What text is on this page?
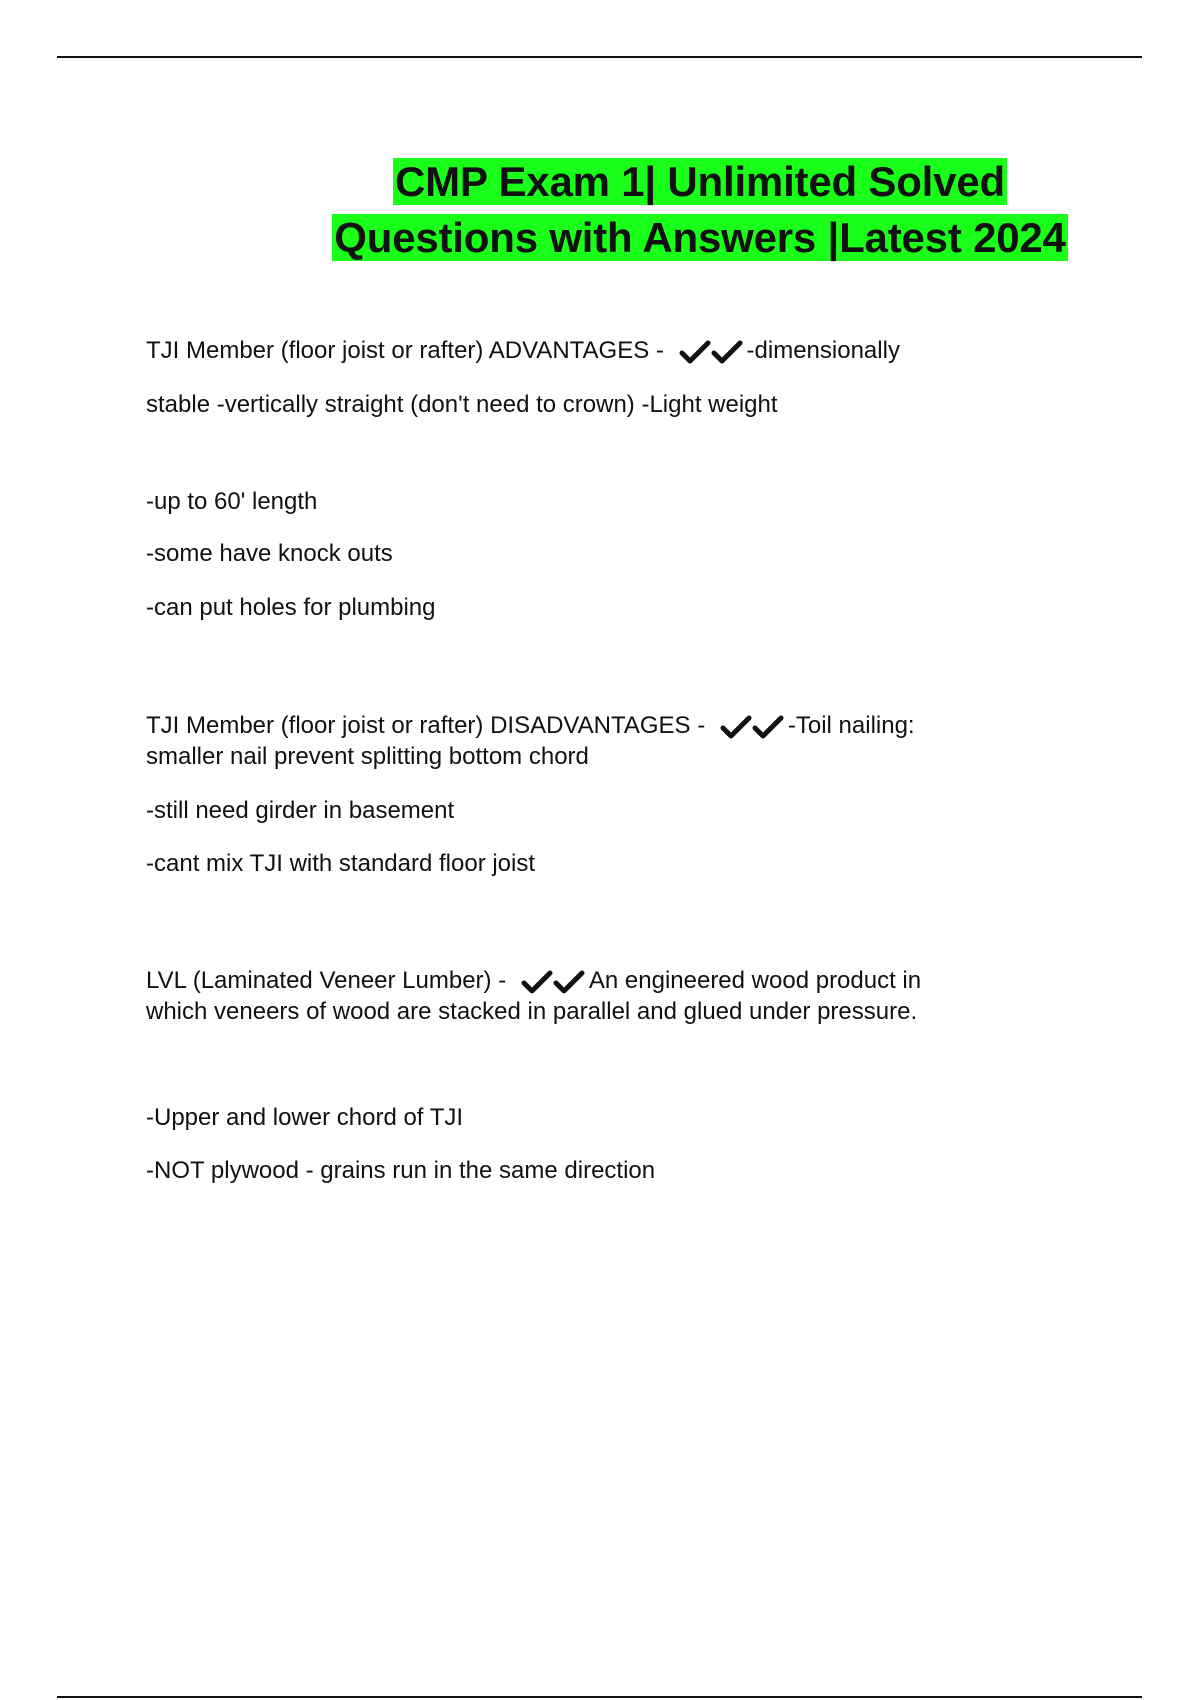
CMP Exam 1| Unlimited Solved
Questions with Answers |Latest 2024
TJI Member (floor joist or rafter) ADVANTAGES -	-dimensionally
stable -vertically straight (don't need to crown) -Light weight
-up to 60' length
-some have knock outs
-can put holes for plumbing
TJI Member (floor joist or rafter) DISADVANTAGES -	-Toil nailing:
smaller nail prevent splitting bottom chord
-still need girder in basement
-cant mix TJI with standard floor joist
LVL (Laminated Veneer Lumber) -	An engineered wood product in
which veneers of wood are stacked in parallel and glued under pressure.
-Upper and lower chord of TJI
-NOT plywood - grains run in the same direction
